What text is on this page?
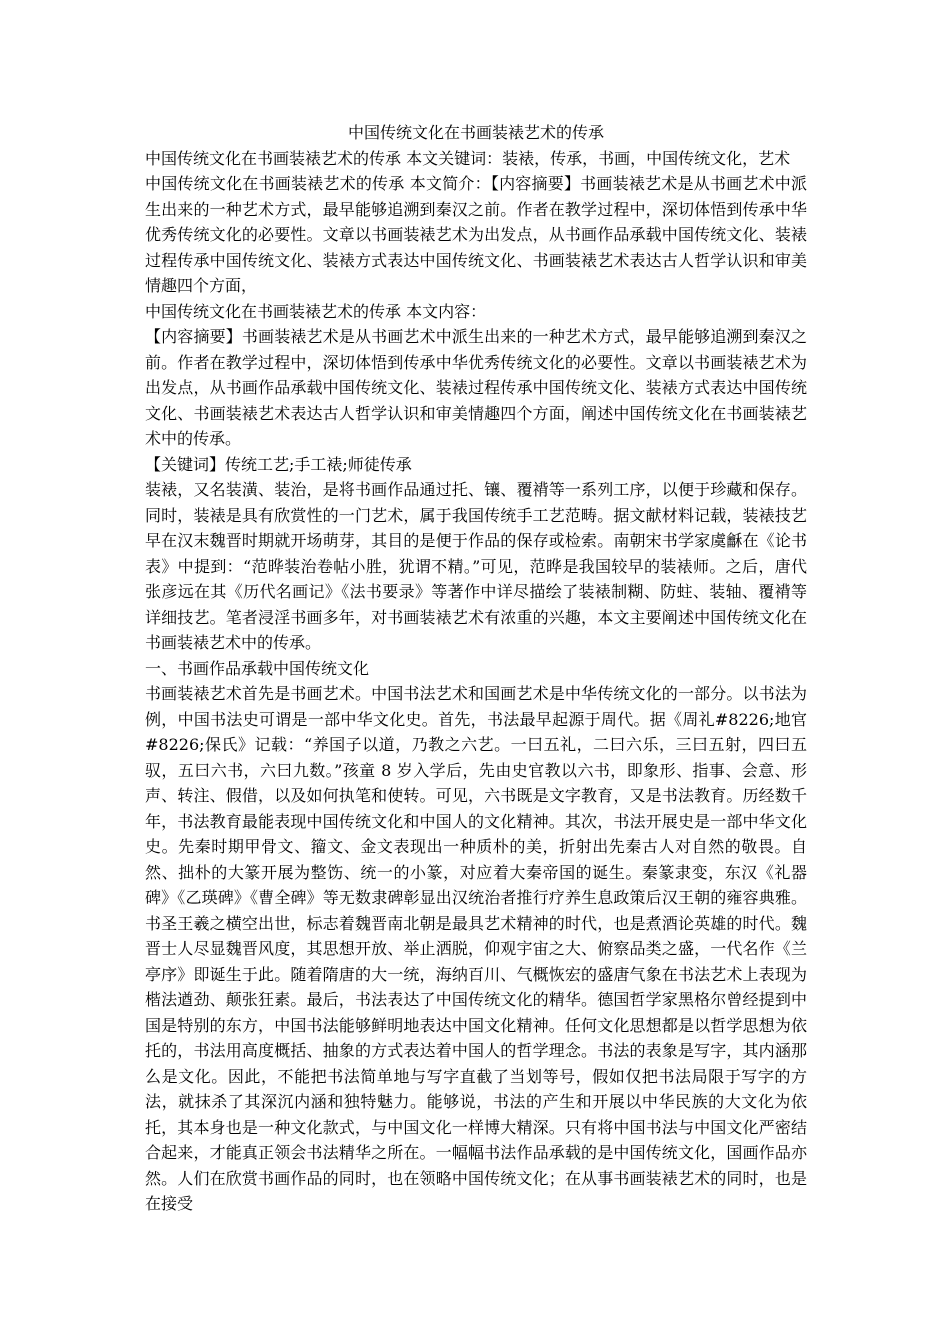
中国传统文化在书画装裱艺术的传承

中国传统文化在书画装裱艺术的传承 本文关键词：装裱，传承，书画，中国传统文化，艺术

中国传统文化在书画装裱艺术的传承 本文简介：【内容摘要】书画装裱艺术是从书画艺术中派生出来的一种艺术方式，最早能够追溯到秦汉之前。作者在教学过程中，深切体悟到传承中华优秀传统文化的必要性。文章以书画装裱艺术为出发点，从书画作品承载中国传统文化、装裱过程传承中国传统文化、装裱方式表达中国传统文化、书画装裱艺术表达古人哲学认识和审美情趣四个方面，

中国传统文化在书画装裱艺术的传承 本文内容：

【内容摘要】书画装裱艺术是从书画艺术中派生出来的一种艺术方式，最早能够追溯到秦汉之前。作者在教学过程中，深切体悟到传承中华优秀传统文化的必要性。文章以书画装裱艺术为出发点，从书画作品承载中国传统文化、装裱过程传承中国传统文化、装裱方式表达中国传统文化、书画装裱艺术表达古人哲学认识和审美情趣四个方面，阐述中国传统文化在书画装裱艺术中的传承。

【关键词】传统工艺;手工裱;师徒传承

装裱，又名装潢、装治，是将书画作品通过托、镶、覆褙等一系列工序，以便于珍藏和保存。同时，装裱是具有欣赏性的一门艺术，属于我国传统手工艺范畴。据文献材料记载，装裱技艺早在汉末魏晋时期就开场萌芽，其目的是便于作品的保存或检索。南朝宋书学家虞龢在《论书表》中提到：“范晔装治卷帖小胜，犹谓不精。”可见，范晔是我国较早的装裱师。之后，唐代张彦远在其《历代名画记》《法书要录》等著作中详尽描绘了装裱制糊、防蛀、装轴、覆褙等详细技艺。笔者浸淫书画多年，对书画装裱艺术有浓重的兴趣，本文主要阐述中国传统文化在书画装裱艺术中的传承。

一、书画作品承载中国传统文化

书画装裱艺术首先是书画艺术。中国书法艺术和国画艺术是中华传统文化的一部分。以书法为例，中国书法史可谓是一部中华文化史。首先，书法最早起源于周代。据《周礼#8226;地官#8226;保氏》记载：“养国子以道，乃教之六艺。一曰五礼，二曰六乐，三曰五射，四曰五驭，五曰六书，六曰九数。”孩童 8 岁入学后，先由史官教以六书，即象形、指事、会意、形声、转注、假借，以及如何执笔和使转。可见，六书既是文字教育，又是书法教育。历经数千年，书法教育最能表现中国传统文化和中国人的文化精神。其次，书法开展史是一部中华文化史。先秦时期甲骨文、籀文、金文表现出一种质朴的美，折射出先秦古人对自然的敬畏。自然、拙朴的大篆开展为整饬、统一的小篆，对应着大秦帝国的诞生。秦篆隶变，东汉《礼器碑》《乙瑛碑》《曹全碑》等无数隶碑彰显出汉统治者推行疗养生息政策后汉王朝的雍容典雅。书圣王羲之横空出世，标志着魏晋南北朝是最具艺术精神的时代，也是煮酒论英雄的时代。魏晋士人尽显魏晋风度，其思想开放、举止洒脱，仰观宇宙之大、俯察品类之盛，一代名作《兰亭序》即诞生于此。随着隋唐的大一统，海纳百川、气概恢宏的盛唐气象在书法艺术上表现为楷法遒劲、颠张狂素。最后，书法表达了中国传统文化的精华。德国哲学家黑格尔曾经提到中国是特别的东方，中国书法能够鲜明地表达中国文化精神。任何文化思想都是以哲学思想为依托的，书法用高度概括、抽象的方式表达着中国人的哲学理念。书法的表象是写字，其内涵那么是文化。因此，不能把书法简单地与写字直截了当划等号，假如仅把书法局限于写字的方法，就抹杀了其深沉内涵和独特魅力。能够说，书法的产生和开展以中华民族的大文化为依托，其本身也是一种文化款式，与中国文化一样博大精深。只有将中国书法与中国文化严密结合起来，才能真正领会书法精华之所在。一幅幅书法作品承载的是中国传统文化，国画作品亦然。人们在欣赏书画作品的同时，也在领略中国传统文化；在从事书画装裱艺术的同时，也是在接受
